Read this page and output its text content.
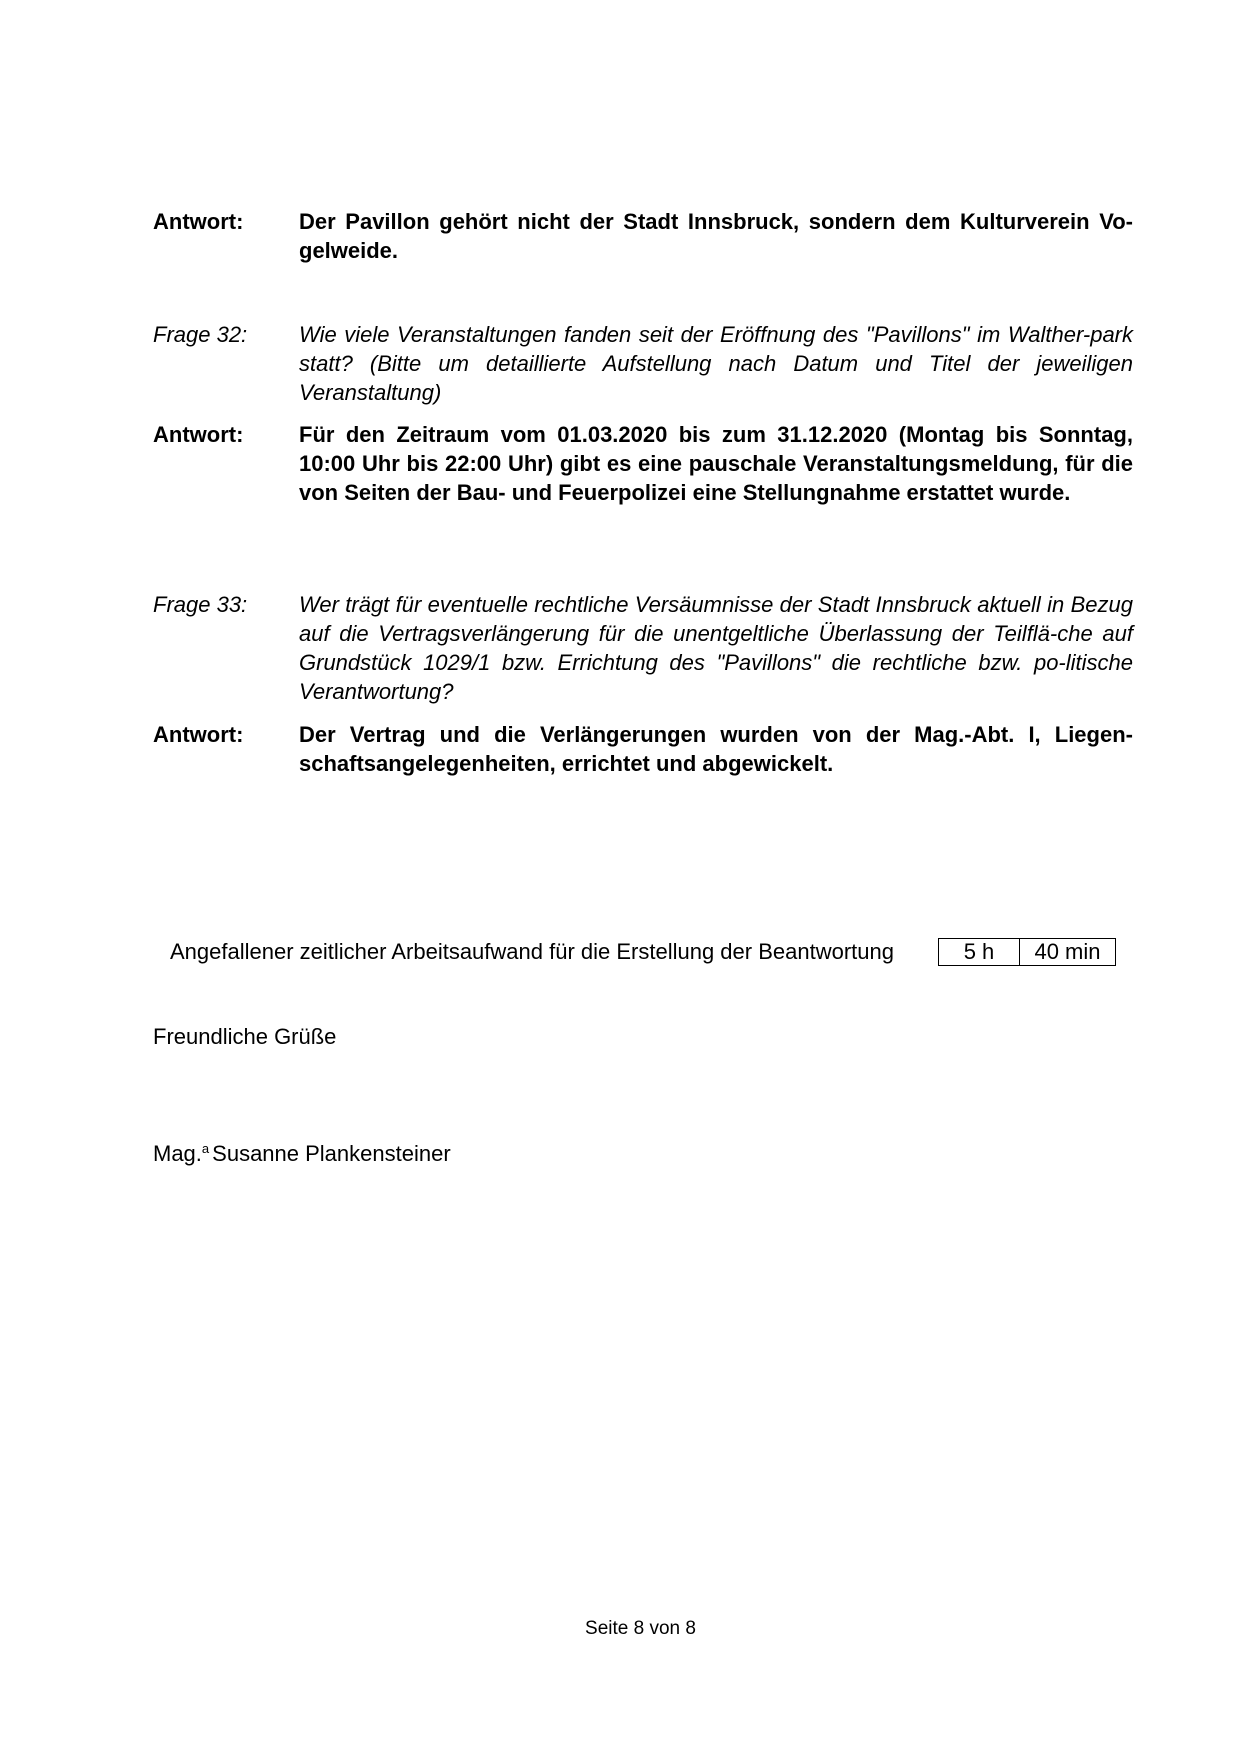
Antwort:	Der Pavillon gehört nicht der Stadt Innsbruck, sondern dem Kulturverein Vo-gelweide.
Frage 32:	Wie viele Veranstaltungen fanden seit der Eröffnung des "Pavillons" im Walther-park statt? (Bitte um detaillierte Aufstellung nach Datum und Titel der jeweiligen Veranstaltung)
Antwort:	Für den Zeitraum vom 01.03.2020 bis zum 31.12.2020 (Montag bis Sonntag, 10:00 Uhr bis 22:00 Uhr) gibt es eine pauschale Veranstaltungsmeldung, für die von Seiten der Bau- und Feuerpolizei eine Stellungnahme erstattet wurde.
Frage 33:	Wer trägt für eventuelle rechtliche Versäumnisse der Stadt Innsbruck aktuell in Bezug auf die Vertragsverlängerung für die unentgeltliche Überlassung der Teilflä-che auf Grundstück 1029/1 bzw. Errichtung des "Pavillons" die rechtliche bzw. po-litische Verantwortung?
Antwort:	Der Vertrag und die Verlängerungen wurden von der Mag.-Abt. I, Liegen-schaftsangelegenheiten, errichtet und abgewickelt.
Angefallener zeitlicher Arbeitsaufwand für die Erstellung der Beantwortung	5 h	40 min
Freundliche Grüße
Mag.$^a$ Susanne Plankensteiner
Seite 8 von 8
